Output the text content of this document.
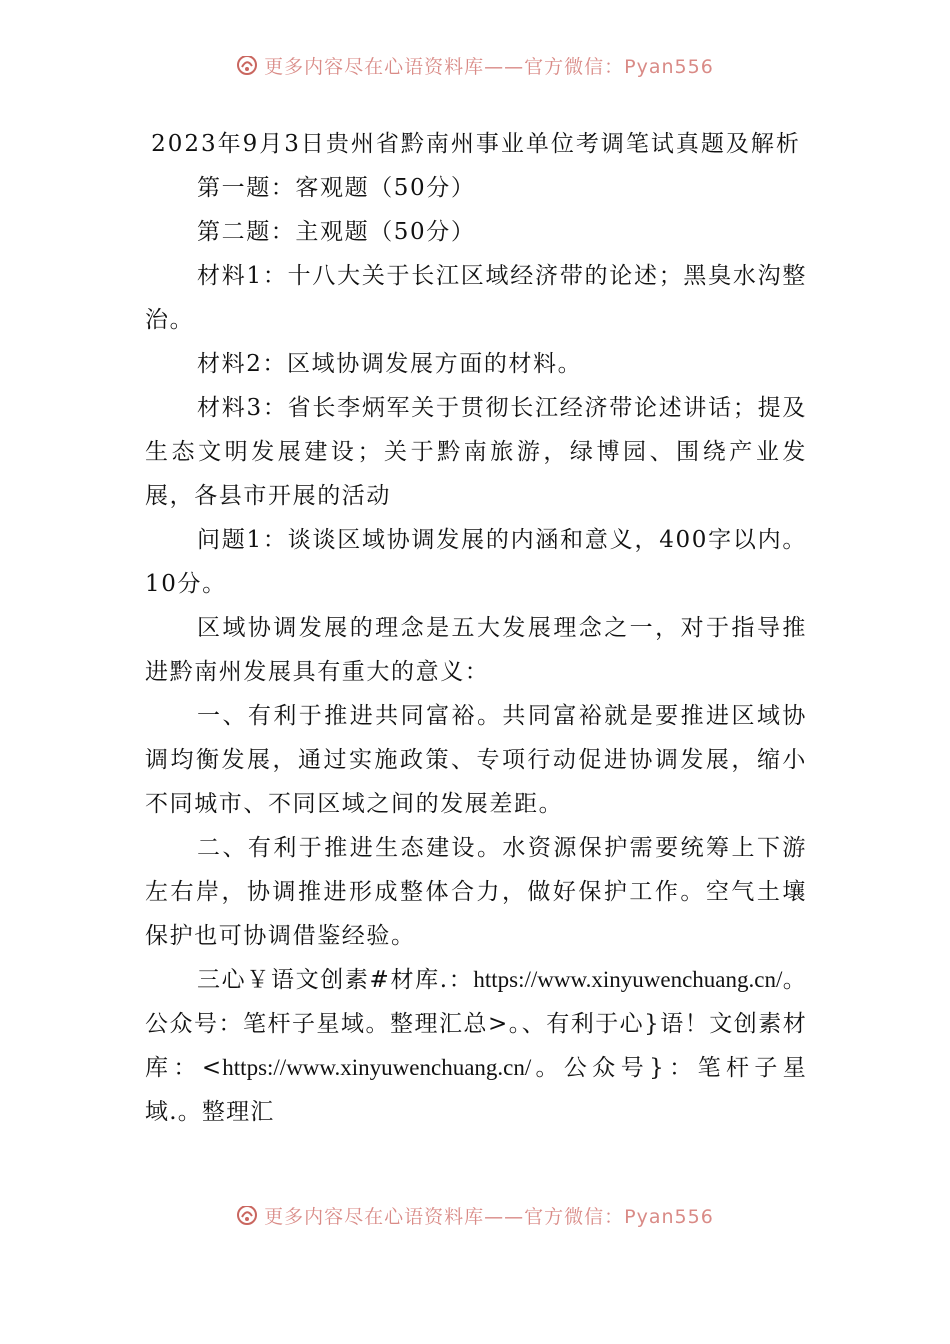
更多内容尽在心语资料库——官方微信：Pyan556

2023年9月3日贵州省黔南州事业单位考调笔试真题及解析

第一题：客观题（50分）

第二题：主观题（50分）

材料1：十八大关于长江区域经济带的论述；黑臭水沟整治。

材料2：区域协调发展方面的材料。

材料3：省长李炳军关于贯彻长江经济带论述讲话；提及生态文明发展建设；关于黔南旅游，绿博园、围绕产业发展，各县市开展的活动

问题1：谈谈区域协调发展的内涵和意义，400字以内。10分。

区域协调发展的理念是五大发展理念之一，对于指导推进黔南州发展具有重大的意义：

一、有利于推进共同富裕。共同富裕就是要推进区域协调均衡发展，通过实施政策、专项行动促进协调发展，缩小不同城市、不同区域之间的发展差距。

二、有利于推进生态建设。水资源保护需要统筹上下游左右岸，协调推进形成整体合力，做好保护工作。空气土壤保护也可协调借鉴经验。

三心￥语文创素#材库.：https://www.xinyuwenchuang.cn/。公众号：笔杆子星域。整理汇总>。、有利于心}语！文创素材库：<https://www.xinyuwenchuang.cn/。公众号}：笔杆子星域.。整理汇

更多内容尽在心语资料库——官方微信：Pyan556
